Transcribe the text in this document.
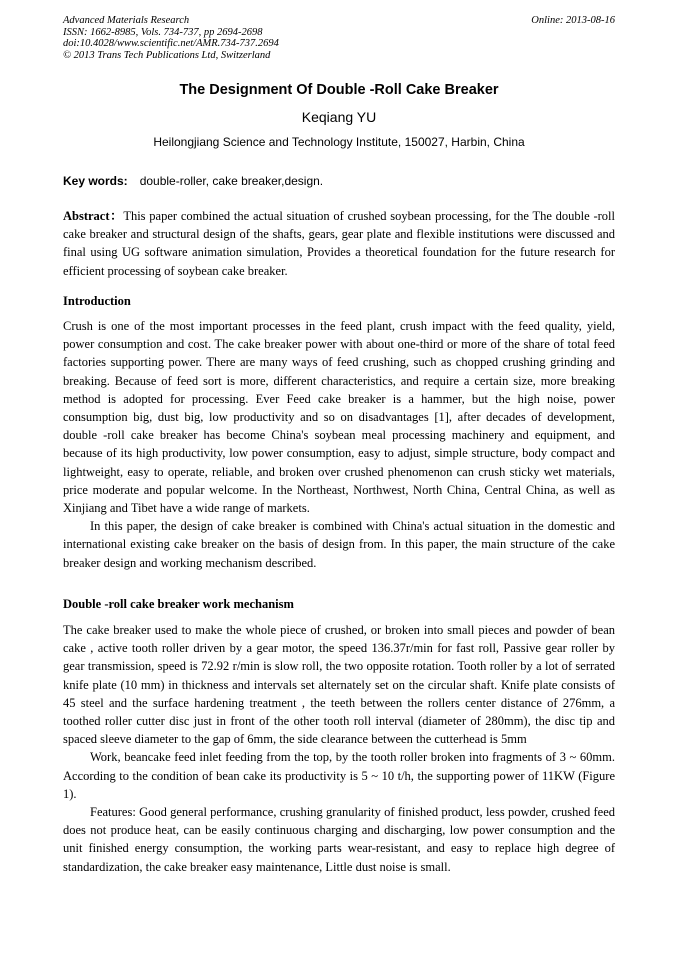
Advanced Materials Research
ISSN: 1662-8985, Vols. 734-737, pp 2694-2698
doi:10.4028/www.scientific.net/AMR.734-737.2694
© 2013 Trans Tech Publications Ltd, Switzerland
Online: 2013-08-16
The Designment Of Double -Roll Cake Breaker
Keqiang YU
Heilongjiang Science and Technology Institute, 150027, Harbin, China
Key words: double-roller, cake breaker,design.

Abstract：This paper combined the actual situation of crushed soybean processing, for the The double -roll cake breaker and structural design of the shafts, gears, gear plate and flexible institutions were discussed and final using UG software animation simulation, Provides a theoretical foundation for the future research for efficient processing of soybean cake breaker.

Introduction

Crush is one of the most important processes in the feed plant, crush impact with the feed quality, yield, power consumption and cost. The cake breaker power with about one-third or more of the share of total feed factories supporting power. There are many ways of feed crushing, such as chopped crushing grinding and breaking. Because of feed sort is more, different characteristics, and require a certain size, more breaking method is adopted for processing. Ever Feed cake breaker is a hammer, but the high noise, power consumption big, dust big, low productivity and so on disadvantages [1], after decades of development, double -roll cake breaker has become China's soybean meal processing machinery and equipment, and because of its high productivity, low power consumption, easy to adjust, simple structure, body compact and lightweight, easy to operate, reliable, and broken over crushed phenomenon can crush sticky wet materials, price moderate and popular welcome. In the Northeast, Northwest, North China, Central China, as well as Xinjiang and Tibet have a wide range of markets.

In this paper, the design of cake breaker is combined with China's actual situation in the domestic and international existing cake breaker on the basis of design from. In this paper, the main structure of the cake breaker design and working mechanism described.

Double -roll cake breaker work mechanism

The cake breaker used to make the whole piece of crushed, or broken into small pieces and powder of bean cake , active tooth roller driven by a gear motor, the speed 136.37r/min for fast roll, Passive gear roller by gear transmission, speed is 72.92 r/min is slow roll, the two opposite rotation. Tooth roller by a lot of serrated knife plate (10 mm) in thickness and intervals set alternately set on the circular shaft. Knife plate consists of 45 steel and the surface hardening treatment , the teeth between the rollers center distance of 276mm, a toothed roller cutter disc just in front of the other tooth roll interval (diameter of 280mm), the disc tip and spaced sleeve diameter to the gap of 6mm, the side clearance between the cutterhead is 5mm

Work, beancake feed inlet feeding from the top, by the tooth roller broken into fragments of 3 ~ 60mm. According to the condition of bean cake its productivity is 5 ~ 10 t/h, the supporting power of 11KW (Figure 1).

Features: Good general performance, crushing granularity of finished product, less powder, crushed feed does not produce heat, can be easily continuous charging and discharging, low power consumption and the unit finished energy consumption, the working parts wear-resistant, and easy to replace high degree of standardization, the cake breaker easy maintenance, Little dust noise is small.
